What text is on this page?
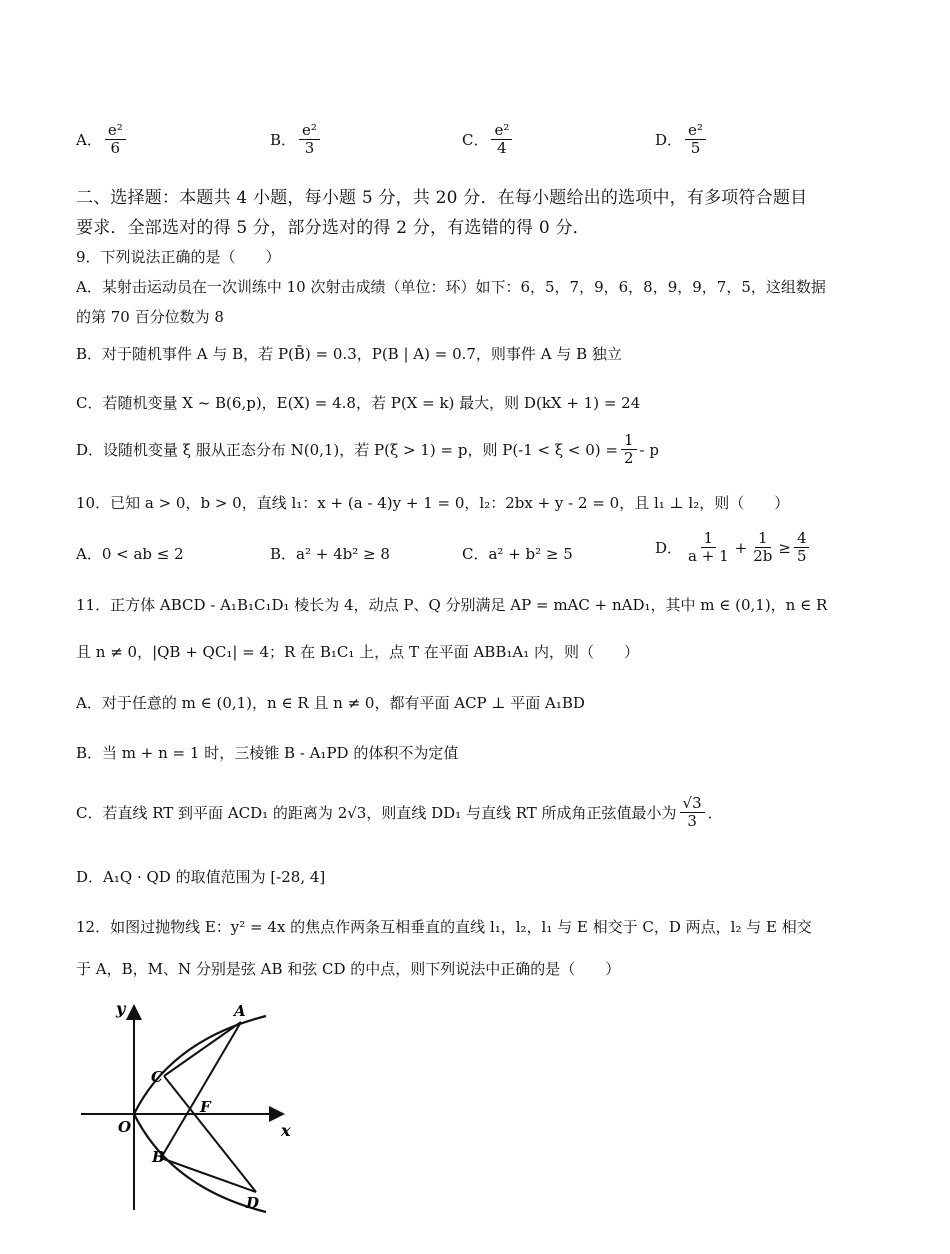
A． $\frac{\text{e²}}{6}$	B． $\frac{\text{e²}}{3}$	C． $\frac{\text{e²}}{4}$	D． $\frac{\text{e²}}{5}$
二、选择题：本题共 4 小题，每小题 5 分，共 20 分．在每小题给出的选项中，有多项符合题目
要求．全部选对的得 5 分，部分选对的得 2 分，有选错的得 0 分．
9．下列说法正确的是（　　）
A．某射击运动员在一次训练中 10 次射击成绩（单位：环）如下：6，5，7，9，6，8，9，9，7，5，这组数据
的第 70 百分位数为 8
B．对于随机事件 A 与 B，若 P(B̄) = 0.3，P(B | A) = 0.7，则事件 A 与 B 独立
C．若随机变量 X ~ B(6,p)，E(X) = 4.8，若 P(X = k) 最大，则 D(kX + 1) = 24
D．设随机变量 ξ 服从正态分布 N(0,1)，若 P(ξ > 1) = p，则 $P(-1 < \xi < 0) = \frac{1}{2} - p$
10．已知 a > 0，b > 0，直线 l₁：x + (a - 4)y + 1 = 0，l₂：2bx + y - 2 = 0，且 l₁ ⊥ l₂，则（　　）
A．0 < ab ≤ 2	B．a² + 4b² ≥ 8	C．a² + b² ≥ 5	D． $\frac{1}{a + 1} + \frac{1}{2b} \ge \frac{4}{5}$
11．正方体 ABCD - A₁B₁C₁D₁ 棱长为 4，动点 P、Q 分别满足 AP = mAC + nAD₁，其中 m ∈ (0,1)，n ∈ R
且 n ≠ 0，|QB + QC₁| = 4；R 在 B₁C₁ 上，点 T 在平面 ABB₁A₁ 内，则（　　）
A．对于任意的 m ∈ (0,1)，n ∈ R 且 n ≠ 0，都有平面 ACP ⊥ 平面 A₁BD
B．当 m + n = 1 时，三棱锥 B - A₁PD 的体积不为定值
C．若直线 RT 到平面 ACD₁ 的距离为 2√3，则直线 DD₁ 与直线 RT 所成角正弦值最小为 $\frac{√3}{3}$ ．
D．A₁Q · QD 的取值范围为 [-28, 4]
12．如图过抛物线 E：y² = 4x 的焦点作两条互相垂直的直线 l₁，l₂，l₁ 与 E 相交于 C，D 两点，l₂ 与 E 相交
于 A，B，M、N 分别是弦 AB 和弦 CD 的中点，则下列说法中正确的是（　　）
y
x
A
C
F
O
B
D
